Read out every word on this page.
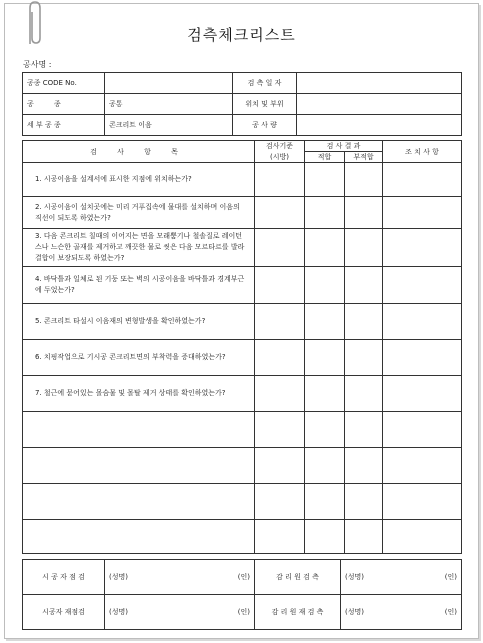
검측체크리스트
공사명 :
공종 CODE No.		검 측 일 자	
공 종	공통	위치 및 부위	
세 부 공 종	콘크리트 이음	공 사 량	
검 사 항 목	검사기준	검 사 결 과		조 치 사 항
	(시방)	적합	부적합	
1. 시공이음을 설계서에 표시한 지점에 위치하는가?				
2. 시공이음이 설치곳에는 미리 거푸집속에 물대를 설치하며 이음의 직선이 되도록 하였는가?				
3. 다음 콘크리트 칠때의 이어지는 면을 모래뿜기나 철솔질로 레이턴스나 느슨한 골재를 제거하고 깨끗한 물로 씻은 다음 모르타르를 발라 결합이 보장되도록 하였는가?				
4. 바닥틀과 일체로 된 기둥 또는 벽의 시공이음을 바닥틀과 경계부근에 두었는가?				
5. 콘크리트 타설시 이음재의 변형발생을 확인하였는가?				
6. 치핑작업으로 기시공 콘크리트면의 부착력을 증대하였는가?				
7. 철근에 묻어있는 몰슴물 및 몰탈 제거 상태를 확인하였는가?				

시 공 자 점 검	(성명)	(인)	감 리 원 검 측	(성명)	(인)
시공자 재점검	(성명)	(인)	감 리 원 재 검 측	(성명)	(인)
